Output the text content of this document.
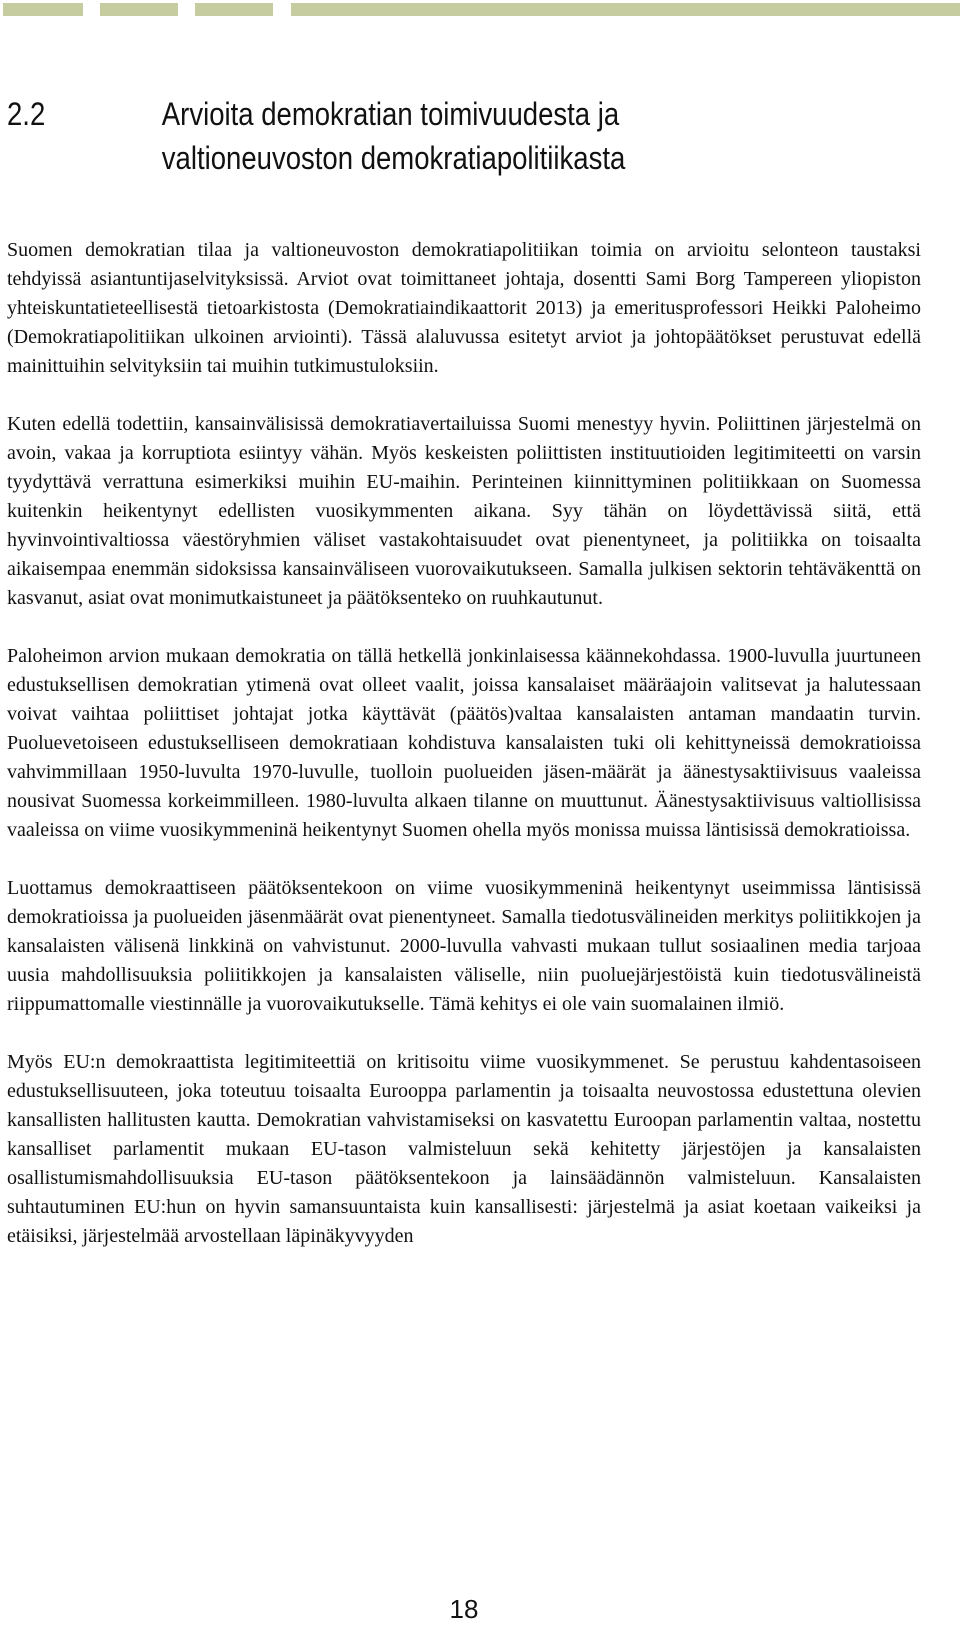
2.2	Arvioita demokratian toimivuudesta ja
valtioneuvoston demokratiapolitiikasta

Suomen demokratian tilaa ja valtioneuvoston demokratiapolitiikan toimia on arvioitu selonteon taustaksi tehdyissä asiantuntijaselvityksissä. Arviot ovat toimittaneet johtaja, dosentti Sami Borg Tampereen yliopiston yhteiskuntatieteellisestä tietoarkistosta (Demokratiaindikaattorit 2013) ja emeritusprofessori Heikki Paloheimo (Demokratiapolitiikan ulkoinen arviointi). Tässä alaluvussa esitetyt arviot ja johtopäätökset perustuvat edellä mainittuihin selvityksiin tai muihin tutkimustuloksiin.

Kuten edellä todettiin, kansainvälisissä demokratiavertailuissa Suomi menestyy hyvin. Poliittinen järjestelmä on avoin, vakaa ja korruptiota esiintyy vähän. Myös keskeisten poliittisten instituutioiden legitimiteetti on varsin tyydyttävä verrattuna esimerkiksi muihin EU-maihin. Perinteinen kiinnittyminen politiikkaan on Suomessa kuitenkin heikentynyt edellisten vuosikymmenten aikana. Syy tähän on löydettävissä siitä, että hyvinvointivaltiossa väestöryhmien väliset vastakohtaisuudet ovat pienentyneet, ja politiikka on toisaalta aikaisempaa enemmän sidoksissa kansainväliseen vuorovaikutukseen. Samalla julkisen sektorin tehtäväkenttä on kasvanut, asiat ovat monimutkaistuneet ja päätöksenteko on ruuhkautunut.

Paloheimon arvion mukaan demokratia on tällä hetkellä jonkinlaisessa käännekohdassa. 1900-luvulla juurtuneen edustuksellisen demokratian ytimenä ovat olleet vaalit, joissa kansalaiset määräajoin valitsevat ja halutessaan voivat vaihtaa poliittiset johtajat jotka käyttävät (päätös)valtaa kansalaisten antaman mandaatin turvin. Puoluevetoiseen edustukselliseen demokratiaan kohdistuva kansalaisten tuki oli kehittyneissä demokratioissa vahvimmillaan 1950-luvulta 1970-luvulle, tuolloin puolueiden jäsen-määrät ja äänestysaktiivisuus vaaleissa nousivat Suomessa korkeimmilleen. 1980-luvulta alkaen tilanne on muuttunut. Äänestysaktiivisuus valtiollisissa vaaleissa on viime vuosikymmeninä heikentynyt Suomen ohella myös monissa muissa läntisissä demokratioissa.

Luottamus demokraattiseen päätöksentekoon on viime vuosikymmeninä heikentynyt useimmissa läntisissä demokratioissa ja puolueiden jäsenmäärät ovat pienentyneet. Samalla tiedotusvälineiden merkitys poliitikkojen ja kansalaisten välisenä linkkinä on vahvistunut. 2000-luvulla vahvasti mukaan tullut sosiaalinen media tarjoaa uusia mahdollisuuksia poliitikkojen ja kansalaisten väliselle, niin puoluejärjestöistä kuin tiedotusvälineistä riippumattomalle viestinnälle ja vuorovaikutukselle. Tämä kehitys ei ole vain suomalainen ilmiö.

Myös EU:n demokraattista legitimiteettiä on kritisoitu viime vuosikymmenet. Se perustuu kahdentasoiseen edustuksellisuuteen, joka toteutuu toisaalta Eurooppa parlamentin ja toisaalta neuvostossa edustettuna olevien kansallisten hallitusten kautta. Demokratian vahvistamiseksi on kasvatettu Euroopan parlamentin valtaa, nostettu kansalliset parlamentit mukaan EU-tason valmisteluun sekä kehitetty järjestöjen ja kansalaisten osallistumismahdollisuuksia EU-tason päätöksentekoon ja lainsäädännön valmisteluun. Kansalaisten suhtautuminen EU:hun on hyvin samansuuntaista kuin kansallisesti: järjestelmä ja asiat koetaan vaikeiksi ja etäisiksi, järjestelmää arvostellaan läpinäkyvyyden

18
